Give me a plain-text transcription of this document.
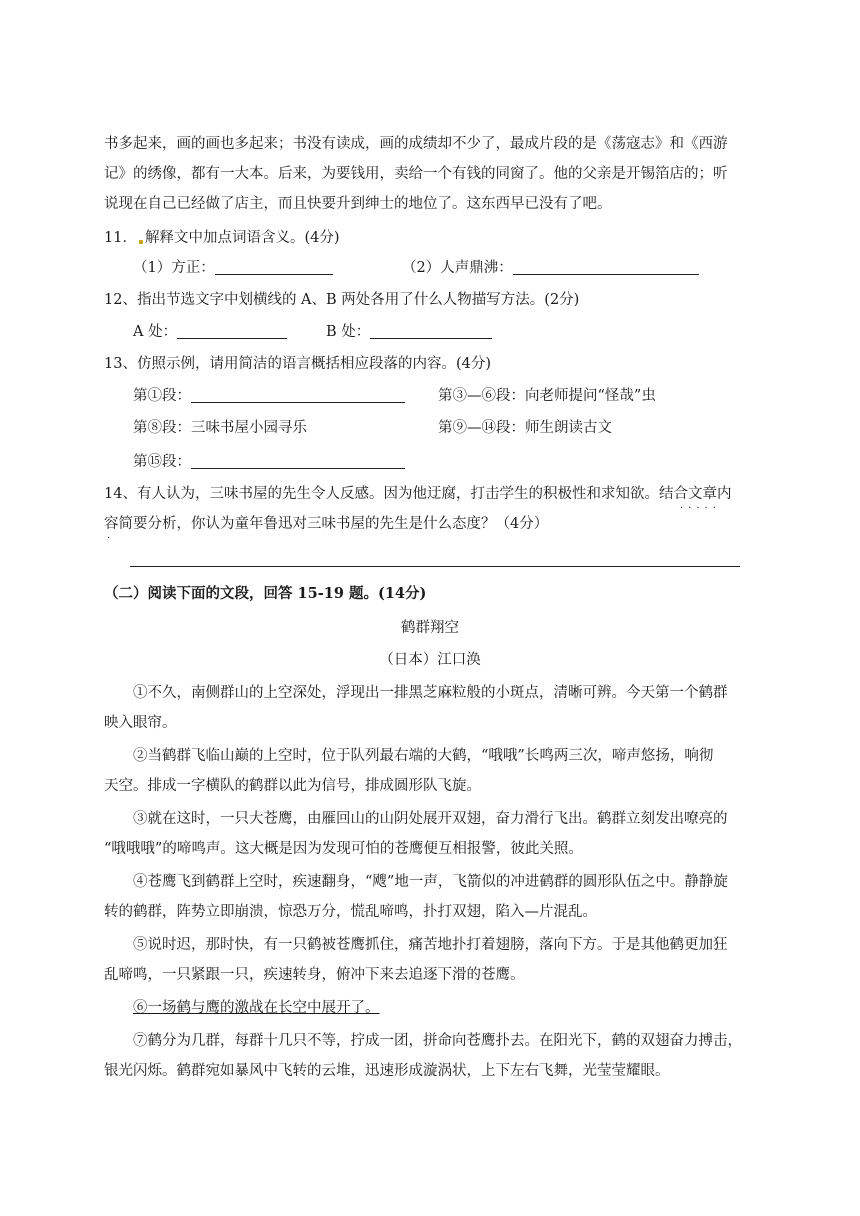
书多起来，画的画也多起来；书没有读成，画的成绩却不少了，最成片段的是《荡寇志》和《西游
记》的绣像，都有一大本。后来，为要钱用，卖给一个有钱的同窗了。他的父亲是开锡箔店的；听
说现在自己已经做了店主，而且快要升到绅士的地位了。这东西早已没有了吧。
11． 解释文中加点词语含义。(4分)
（1）方正：	（2）人声鼎沸：
12、指出节选文字中划横线的 A、B 两处各用了什么人物描写方法。(2分)
A 处：	B 处：
13、仿照示例，请用简洁的语言概括相应段落的内容。(4分)
第①段：	第③—⑥段：向老师提问“怪哉”虫
第⑧段：三味书屋小园寻乐	第⑨—⑭段：师生朗读古文
第⑮段：
14、有人认为，三味书屋的先生令人反感。因为他迂腐，打击学生的积极性和求知欲。结合文章内
· · · · ·
容简要分析，你认为童年鲁迅对三味书屋的先生是什么态度？（4分）
·
（二）阅读下面的文段，回答 15-19 题。(14分)
鹤群翔空
（日本）江口涣
①不久，南侧群山的上空深处，浮现出一排黑芝麻粒般的小斑点，清晰可辨。今天第一个鹤群
映入眼帘。
②当鹤群飞临山巅的上空时，位于队列最右端的大鹤，“哦哦”长鸣两三次，啼声悠扬，响彻
天空。排成一字横队的鹤群以此为信号，排成圆形队飞旋。
③就在这时，一只大苍鹰，由雁回山的山阴处展开双翅，奋力滑行飞出。鹤群立刻发出嘹亮的
“哦哦哦”的啼鸣声。这大概是因为发现可怕的苍鹰便互相报警，彼此关照。
④苍鹰飞到鹤群上空时，疾速翻身，“飕”地一声，飞箭似的冲进鹤群的圆形队伍之中。静静旋
转的鹤群，阵势立即崩溃，惊恐万分，慌乱啼鸣，扑打双翅，陷入—片混乱。
⑤说时迟，那时快，有一只鹤被苍鹰抓住，痛苦地扑打着翅膀，落向下方。于是其他鹤更加狂
乱啼鸣，一只紧跟一只，疾速转身，俯冲下来去追逐下滑的苍鹰。
⑥一场鹤与鹰的激战在长空中展开了。
⑦鹤分为几群，每群十几只不等，拧成一团，拼命向苍鹰扑去。在阳光下，鹤的双翅奋力搏击，
银光闪烁。鹤群宛如暴风中飞转的云堆，迅速形成漩涡状，上下左右飞舞，光莹莹耀眼。
